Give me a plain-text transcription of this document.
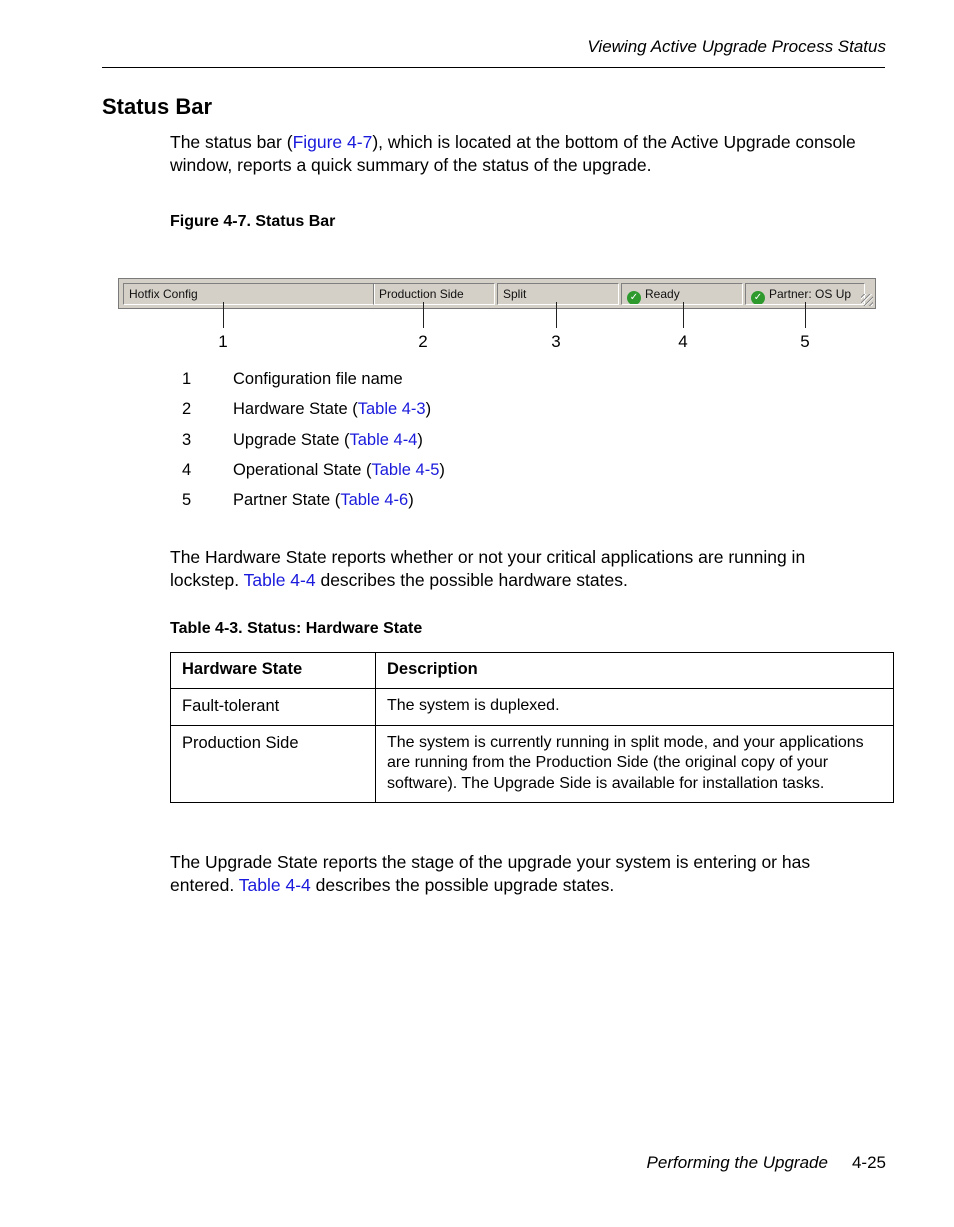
Viewing Active Upgrade Process Status
Status Bar

The status bar (Figure 4-7), which is located at the bottom of the Active Upgrade console window, reports a quick summary of the status of the upgrade.

Figure 4-7. Status Bar
Hotfix Config	Production Side	Split	✓ Ready	✓ Partner: OS Up
1	2	3	4	5
1	Configuration file name
2	Hardware State (Table 4-3)
3	Upgrade State (Table 4-4)
4	Operational State (Table 4-5)
5	Partner State (Table 4-6)

The Hardware State reports whether or not your critical applications are running in lockstep. Table 4-4 describes the possible hardware states.

Table 4-3. Status: Hardware State
Hardware State	Description
Fault-tolerant	The system is duplexed.
Production Side	The system is currently running in split mode, and your applications are running from the Production Side (the original copy of your software). The Upgrade Side is available for installation tasks.

The Upgrade State reports the stage of the upgrade your system is entering or has entered. Table 4-4 describes the possible upgrade states.

Performing the Upgrade 4-25
